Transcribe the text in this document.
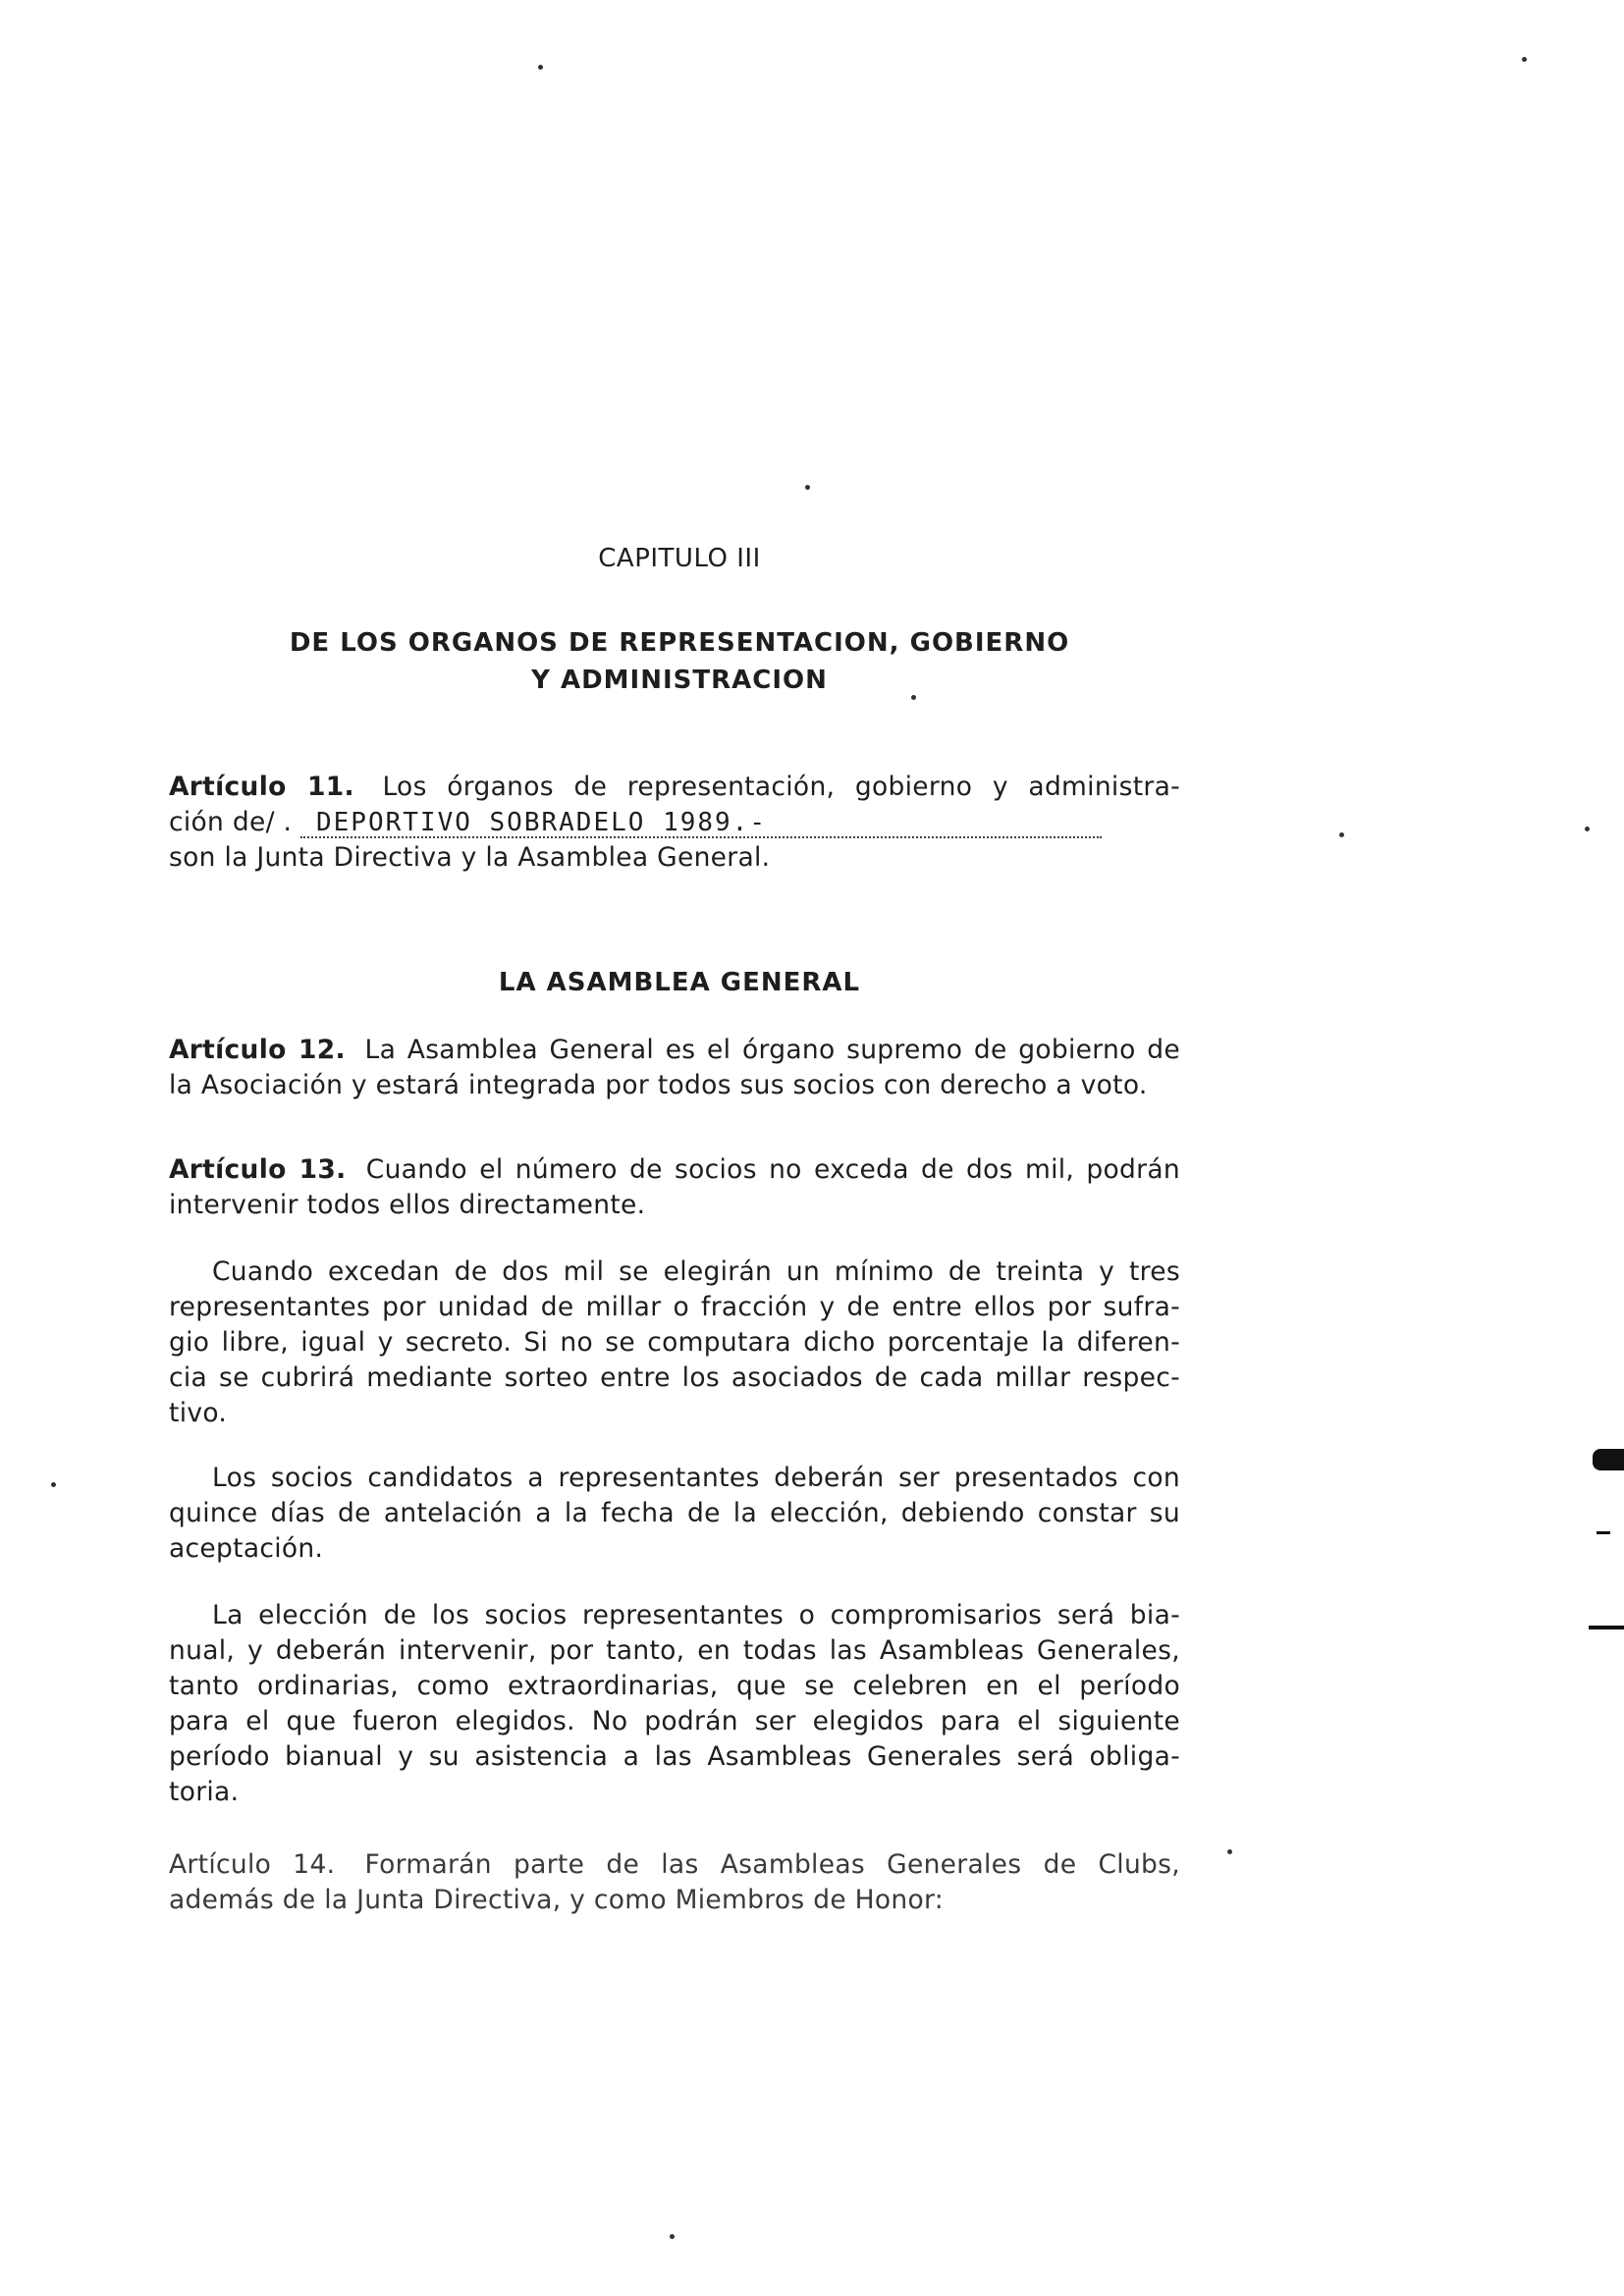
CAPITULO III
DE LOS ORGANOS DE REPRESENTACION, GOBIERNO
Y ADMINISTRACION
Artículo 11. Los órganos de representación, gobierno y administra-
ción de/ . DEPORTIVO SOBRADELO 1989.-
son la Junta Directiva y la Asamblea General.
LA ASAMBLEA GENERAL
Artículo 12. La Asamblea General es el órgano supremo de gobierno de
la Asociación y estará integrada por todos sus socios con derecho a voto.
Artículo 13. Cuando el número de socios no exceda de dos mil, podrán
intervenir todos ellos directamente.
Cuando excedan de dos mil se elegirán un mínimo de treinta y tres
representantes por unidad de millar o fracción y de entre ellos por sufra-
gio libre, igual y secreto. Si no se computara dicho porcentaje la diferen-
cia se cubrirá mediante sorteo entre los asociados de cada millar respec-
tivo.
Los socios candidatos a representantes deberán ser presentados con
quince días de antelación a la fecha de la elección, debiendo constar su
aceptación.
La elección de los socios representantes o compromisarios será bia-
nual, y deberán intervenir, por tanto, en todas las Asambleas Generales,
tanto ordinarias, como extraordinarias, que se celebren en el período
para el que fueron elegidos. No podrán ser elegidos para el siguiente
período bianual y su asistencia a las Asambleas Generales será obliga-
toria.
Artículo 14. Formarán parte de las Asambleas Generales de Clubs,
además de la Junta Directiva, y como Miembros de Honor:
